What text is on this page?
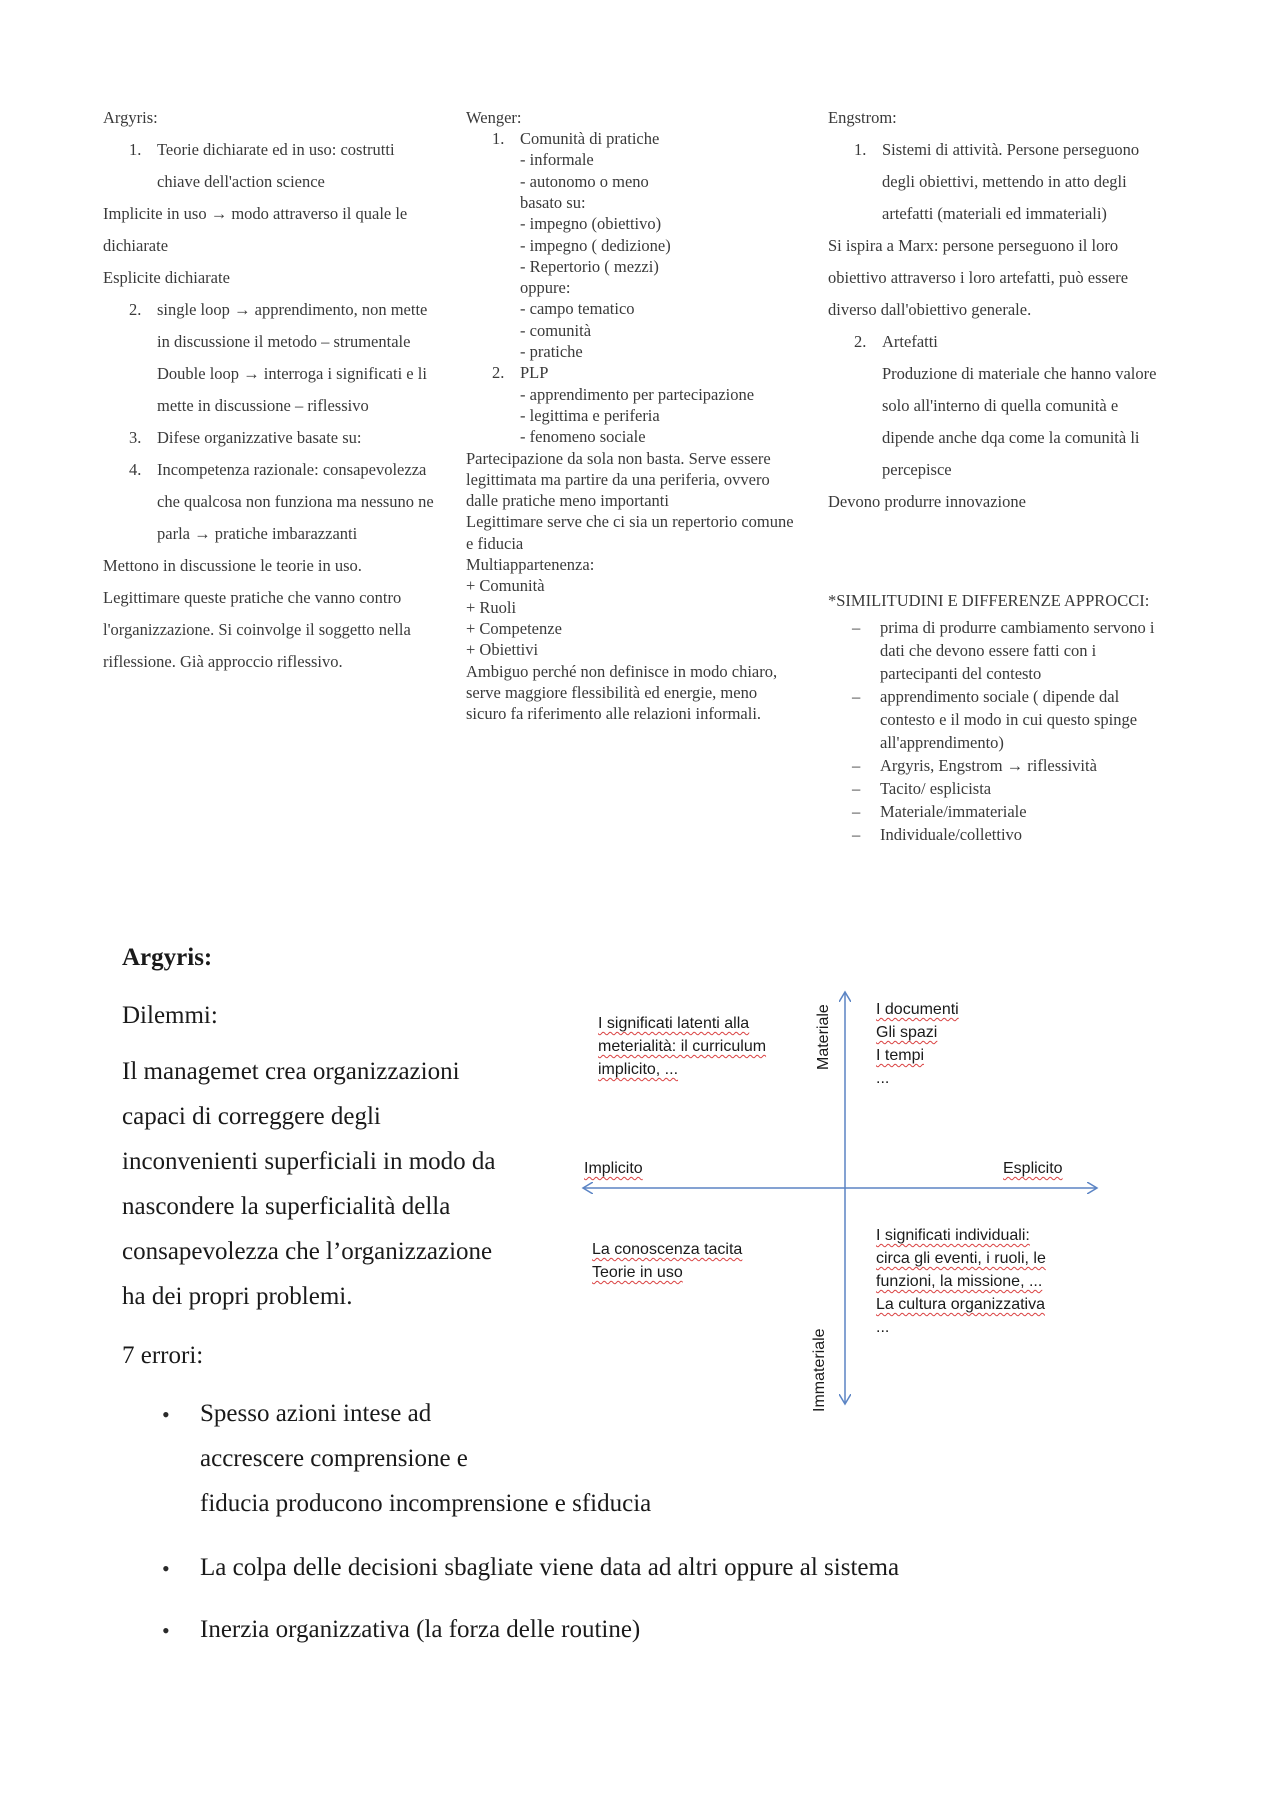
Argyris:
1. Teorie dichiarate ed in uso: costrutti
chiave dell'action science
Implicite in uso → modo attraverso il quale le
dichiarate
Esplicite dichiarate
2. single loop → apprendimento, non mette
in discussione il metodo – strumentale
Double loop → interroga i significati e li
mette in discussione – riflessivo
3. Difese organizzative basate su:
4. Incompetenza razionale: consapevolezza
che qualcosa non funziona ma nessuno ne
parla → pratiche imbarazzanti
Mettono in discussione le teorie in uso.
Legittimare queste pratiche che vanno contro
l'organizzazione. Si coinvolge il soggetto nella
riflessione. Già approccio riflessivo.
Wenger:
1. Comunità di pratiche
- informale
- autonomo o meno
basato su:
- impegno (obiettivo)
- impegno ( dedizione)
- Repertorio ( mezzi)
oppure:
- campo tematico
- comunità
- pratiche
2. PLP
- apprendimento per partecipazione
- legittima e periferia
- fenomeno sociale
Partecipazione da sola non basta. Serve essere
legittimata ma partire da una periferia, ovvero
dalle pratiche meno importanti
Legittimare serve che ci sia un repertorio comune
e fiducia
Multiappartenenza:
+ Comunità
+ Ruoli
+ Competenze
+ Obiettivi
Ambiguo perché non definisce in modo chiaro,
serve maggiore flessibilità ed energie, meno
sicuro fa riferimento alle relazioni informali.
Engstrom:
1. Sistemi di attività. Persone perseguono
degli obiettivi, mettendo in atto degli
artefatti (materiali ed immateriali)
Si ispira a Marx: persone perseguono il loro
obiettivo attraverso i loro artefatti, può essere
diverso dall'obiettivo generale.
2. Artefatti
Produzione di materiale che hanno valore
solo all'interno di quella comunità e
dipende anche dqa come la comunità li
percepisce
Devono produrre innovazione
*SIMILITUDINI E DIFFERENZE APPROCCI:
– prima di produrre cambiamento servono i
dati che devono essere fatti con i
partecipanti del contesto
– apprendimento sociale ( dipende dal
contesto e il modo in cui questo spinge
all'apprendimento)
– Argyris, Engstrom → riflessività
– Tacito/ esplicista
– Materiale/immateriale
– Individuale/collettivo
Argyris:
Dilemmi:
Il managemet crea organizzazioni
capaci di correggere degli
inconvenienti superficiali in modo da
nascondere la superficialità della
consapevolezza che l’organizzazione
ha dei propri problemi.
7 errori:
• Spesso azioni intese ad
accrescere comprensione e
fiducia producono incomprensione e sfiducia
• La colpa delle decisioni sbagliate viene data ad altri oppure al sistema
• Inerzia organizzativa (la forza delle routine)
Implicito	Esplicito
Materiale
Immateriale
I significati latenti alla
meterialità: il curriculum
implicito, ...
I documenti
Gli spazi
I tempi
...
La conoscenza tacita
Teorie in uso
I significati individuali:
circa gli eventi, i ruoli, le
funzioni, la missione, ...
La cultura organizzativa
...
